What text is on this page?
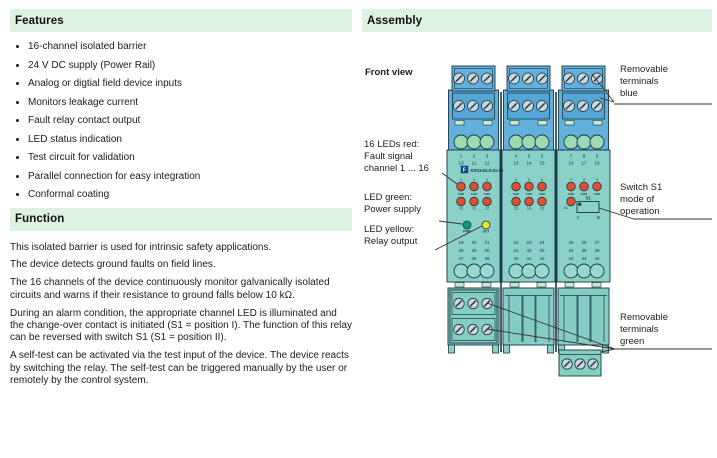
Features
• 16-channel isolated barrier
• 24 V DC supply (Power Rail)
• Analog or digtial field device inputs
• Monitors leakage current
• Fault relay contact output
• LED status indication
• Test circuit for validation
• Parallel connection for easy integration
• Conformal coating
Function

This isolated barrier is used for intrinsic safety applications.

The device detects ground faults on field lines.

The 16 channels of the device continuously monitor galvanically isolated circuits and warns if their resistance to ground falls below 10 kΩ.

During an alarm condition, the appropriate channel LED is illuminated and the change-over contact is initiated (S1 = position I). The function of this relay can be reversed with switch S1 (S1 = position II).

A self-test can be activated via the test input of the device. The device reacts by switching the relay. The self-test can be triggered manually by the user or remotely by the control system.

Assembly
1 2 3	4 5 6	7 8 9
10 11 12	13 14 15	16 17 18
F KFD2-ELD-Ex16
1	2	3	4	5	6	7	8	9
CHK CHK CHK	CHK CHK CHK	CHK CHK CHK
10 11 12	13 14 15	16
S1
I	II
PWR	OUT
19 20 21	22 23 24	25 26 27
28 29 30	31 32 33	34 35 36
37 38 39	40 41 42	43 44 45
Front view
16 LEDs red:
Fault signal
channel 1 ... 16
LED green:
Power supply
LED yellow:
Relay output
Removable
terminals
blue
Switch S1
mode of
operation
Removable
terminals
green
